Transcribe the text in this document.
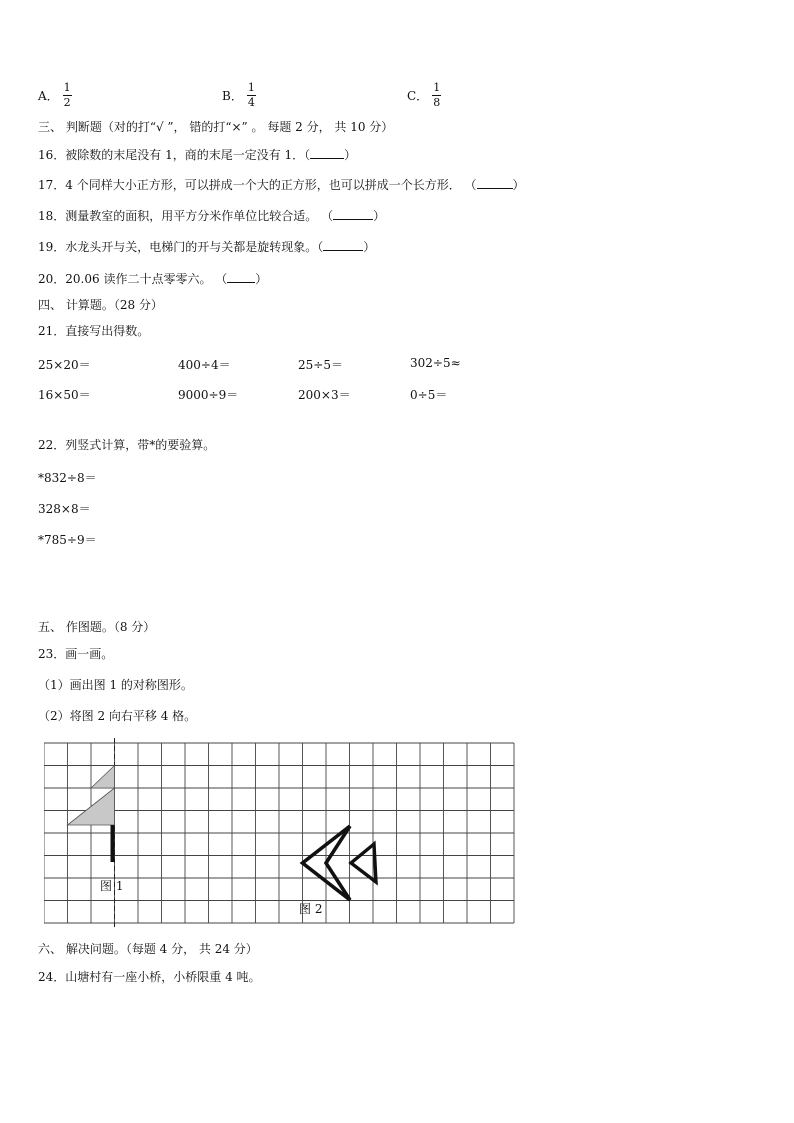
A． $\frac{1}{2}$	B． $\frac{1}{4}$	C． $\frac{1}{8}$
三、 判断题（对的打“√ ”， 错的打“×” 。 每题 2 分， 共 10 分）
16．被除数的末尾没有 1，商的末尾一定没有 1．（	）
17．4 个同样大小正方形，可以拼成一个大的正方形，也可以拼成一个长方形． （	）
18．测量教室的面积，用平方分米作单位比较合适。 （	）
19．水龙头开与关，电梯门的开与关都是旋转现象。（	）
20．20.06 读作二十点零零六。 （ ）
四、 计算题。（28 分）
21．直接写出得数。
25×20＝	400÷4＝	25÷5＝	302÷5≈
16×50＝	9000÷9＝	200×3＝	0÷5＝
22．列竖式计算，带*的要验算。
*832÷8＝
328×8＝
*785÷9＝
五、 作图题。（8 分）
23．画一画。
（1）画出图 1 的对称图形。
（2）将图 2 向右平移 4 格。
图 1
图 2
六、 解决问题。（每题 4 分， 共 24 分）
24．山塘村有一座小桥，小桥限重 4 吨。
